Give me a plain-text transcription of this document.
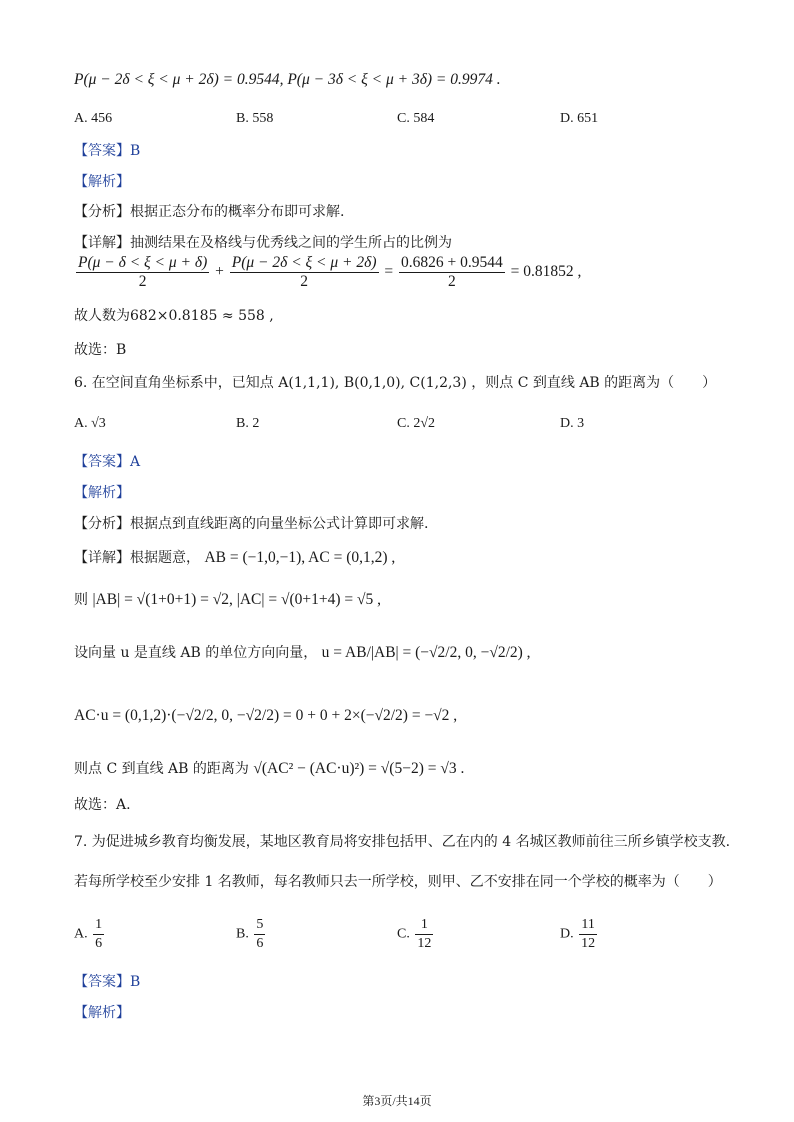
P(μ − 2δ < ξ < μ + 2δ) = 0.9544, P(μ − 3δ < ξ < μ + 3δ) = 0.9974 .
A. 456	B. 558	C. 584	D. 651
【答案】B
【解析】
【分析】根据正态分布的概率分布即可求解.
【详解】抽测结果在及格线与优秀线之间的学生所占的比例为
$\frac{P(\mu - \delta < \xi < \mu + \delta)}{2} + \frac{P(\mu - 2\delta < \xi < \mu + 2\delta)}{2} = \frac{0.6826 + 0.9544}{2} = 0.81852$ ,
故人数为682×0.8185 ≈ 558 ,
故选：B
6. 在空间直角坐标系中，已知点 A(1,1,1), B(0,1,0), C(1,2,3) ，则点 C 到直线 AB 的距离为（　　）
A. √3	B. 2	C. 2√2	D. 3
【答案】A
【解析】
【分析】根据点到直线距离的向量坐标公式计算即可求解.
【详解】根据题意， AB = (−1,0,−1), AC = (0,1,2) ,
则 |AB| = √(1+0+1) = √2, |AC| = √(0+1+4) = √5 ,
设向量 u 是直线 AB 的单位方向向量， u = AB/|AB| = (−√2/2, 0, −√2/2) ,
AC·u = (0,1,2)·(−√2/2, 0, −√2/2) = 0 + 0 + 2×(−√2/2) = −√2 ,
则点 C 到直线 AB 的距离为 √(AC² − (AC·u)²) = √(5−2) = √3 .
故选：A.
7. 为促进城乡教育均衡发展，某地区教育局将安排包括甲、乙在内的 4 名城区教师前往三所乡镇学校支教.
若每所学校至少安排 1 名教师，每名教师只去一所学校，则甲、乙不安排在同一个学校的概率为（　　）
A. $\frac{1}{6}$	B. $\frac{5}{6}$	C. $\frac{1}{12}$	D. $\frac{11}{12}$
【答案】B
【解析】
第3页/共14页
